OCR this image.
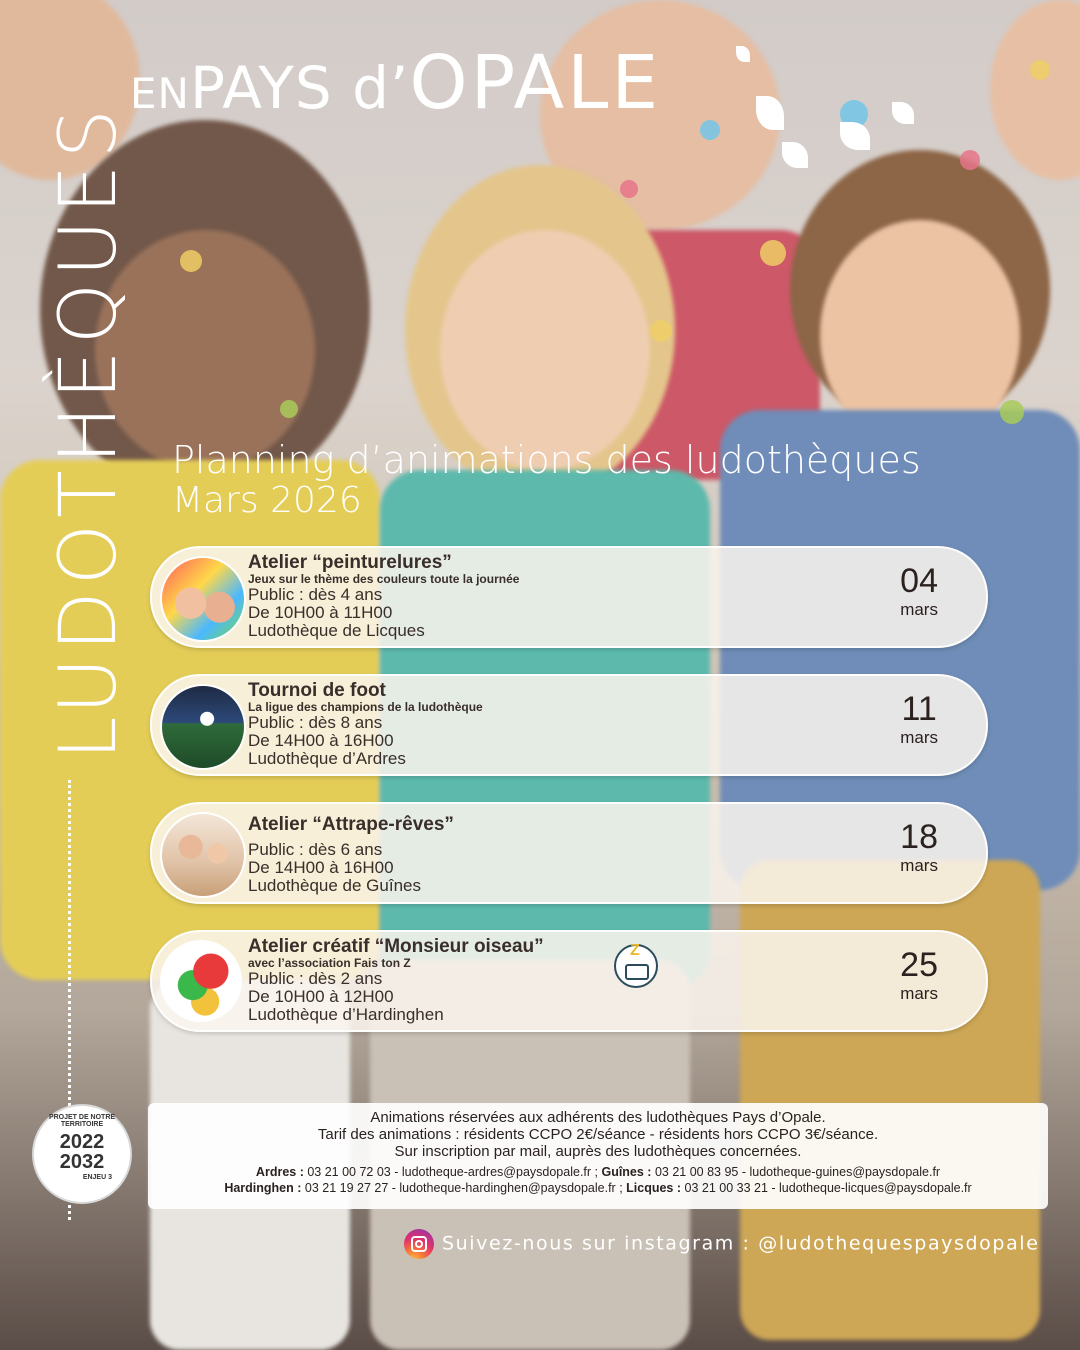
LUDOTHÈQUES
ENPAYS d’OPALE
Planning d’animations des ludothèques
Mars 2026
Atelier “peinturelures”
Jeux sur le thème des couleurs toute la journée
Public : dès 4 ans
De 10H00 à 11H00
Ludothèque de Licques
04
mars
Tournoi de foot
La ligue des champions de la ludothèque
Public : dès 8 ans
De 14H00 à 16H00
Ludothèque d’Ardres
11
mars
Atelier “Attrape-rêves”
Public : dès 6 ans
De 14H00 à 16H00
Ludothèque de Guînes
18
mars
Atelier créatif “Monsieur oiseau”
avec l’association Fais ton Z
Public : dès 2 ans
De 10H00 à 12H00
Ludothèque d’Hardinghen
Z	25
mars
PROJET DE NOTRE TERRITOIRE
2022
2032
ENJEU 3
Animations réservées aux adhérents des ludothèques Pays d’Opale.
Tarif des animations : résidents CCPO 2€/séance - résidents hors CCPO 3€/séance.
Sur inscription par mail, auprès des ludothèques concernées.
Ardres : 03 21 00 72 03 - ludotheque-ardres@paysdopale.fr ; Guînes : 03 21 00 83 95 - ludotheque-guines@paysdopale.fr
Hardinghen : 03 21 19 27 27 - ludotheque-hardinghen@paysdopale.fr ; Licques : 03 21 00 33 21 - ludotheque-licques@paysdopale.fr
Suivez-nous sur instagram : @ludothequespaysdopale
